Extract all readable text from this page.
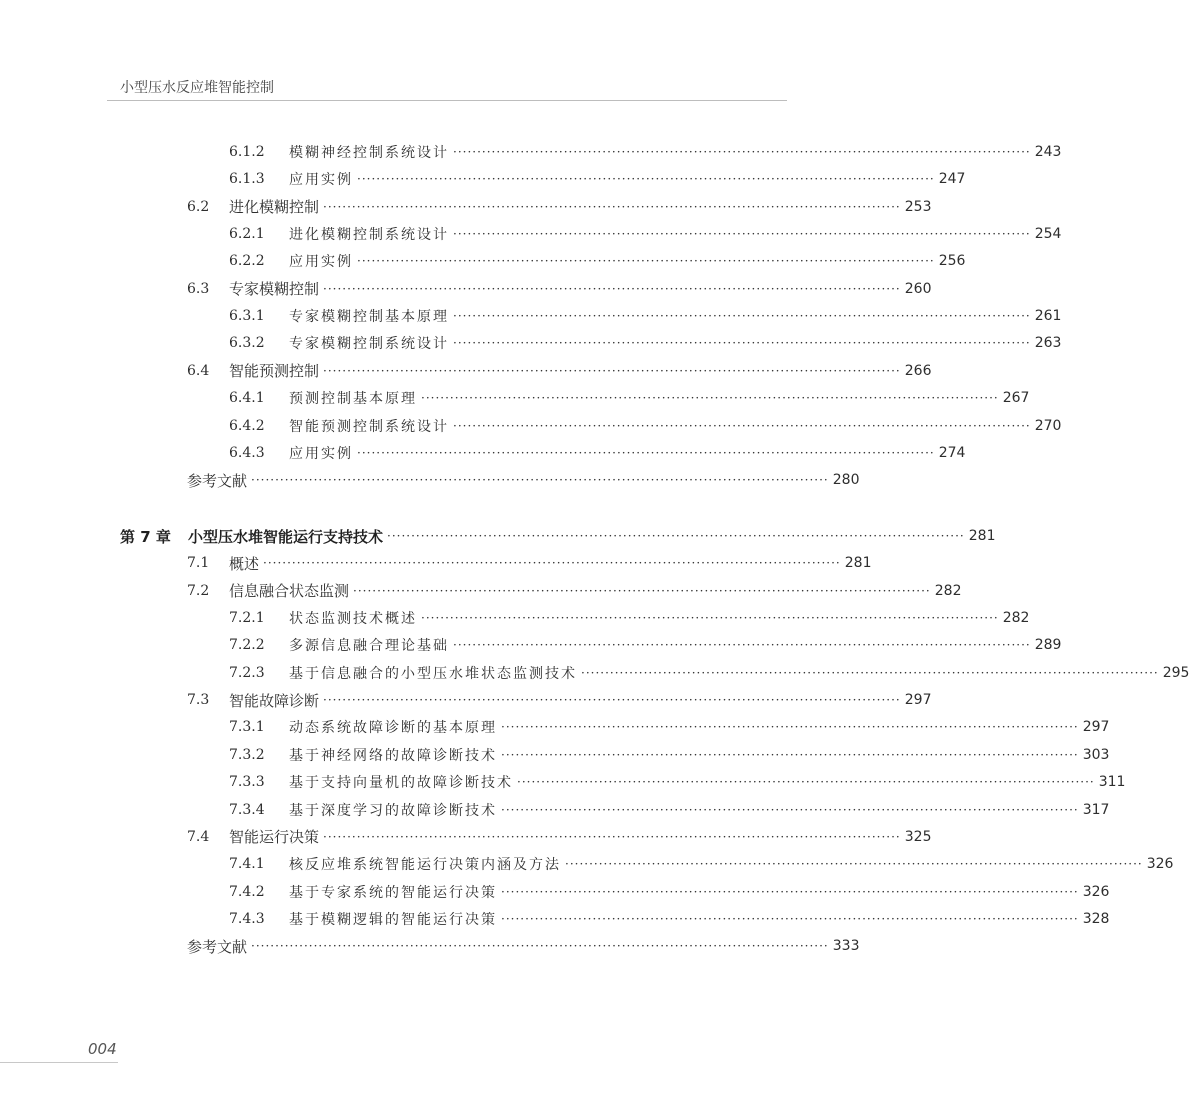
小型压水反应堆智能控制
6.1.2	模糊神经控制系统设计 ························································································································ 243
6.1.3	应用实例 ························································································································ 247
6.2	进化模糊控制 ························································································································ 253
6.2.1	进化模糊控制系统设计 ························································································································ 254
6.2.2	应用实例 ························································································································ 256
6.3	专家模糊控制 ························································································································ 260
6.3.1	专家模糊控制基本原理 ························································································································ 261
6.3.2	专家模糊控制系统设计 ························································································································ 263
6.4	智能预测控制 ························································································································ 266
6.4.1	预测控制基本原理 ························································································································ 267
6.4.2	智能预测控制系统设计 ························································································································ 270
6.4.3	应用实例 ························································································································ 274
参考文献 ························································································································ 280
第 7 章	小型压水堆智能运行支持技术 ························································································································ 281
7.1	概述 ························································································································ 281
7.2	信息融合状态监测 ························································································································ 282
7.2.1	状态监测技术概述 ························································································································ 282
7.2.2	多源信息融合理论基础 ························································································································ 289
7.2.3	基于信息融合的小型压水堆状态监测技术 ························································································································ 295
7.3	智能故障诊断 ························································································································ 297
7.3.1	动态系统故障诊断的基本原理 ························································································································ 297
7.3.2	基于神经网络的故障诊断技术 ························································································································ 303
7.3.3	基于支持向量机的故障诊断技术 ························································································································ 311
7.3.4	基于深度学习的故障诊断技术 ························································································································ 317
7.4	智能运行决策 ························································································································ 325
7.4.1	核反应堆系统智能运行决策内涵及方法 ························································································································ 326
7.4.2	基于专家系统的智能运行决策 ························································································································ 326
7.4.3	基于模糊逻辑的智能运行决策 ························································································································ 328
参考文献 ························································································································ 333
004
